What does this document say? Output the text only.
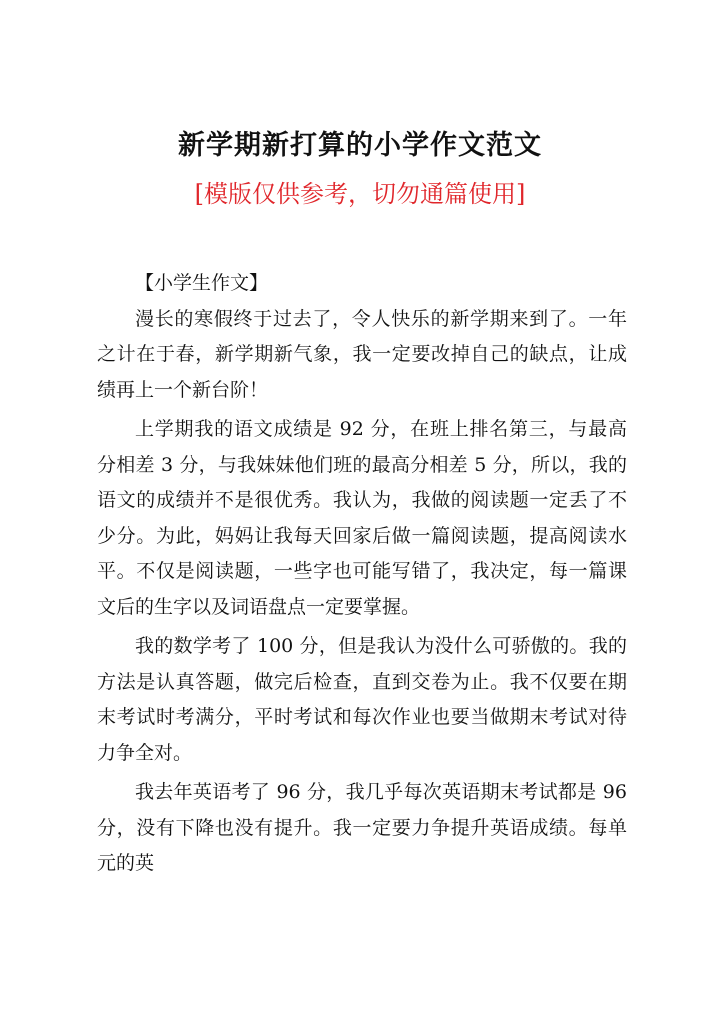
新学期新打算的小学作文范文
[模版仅供参考，切勿通篇使用]
【小学生作文】

漫长的寒假终于过去了，令人快乐的新学期来到了。一年之计在于春，新学期新气象，我一定要改掉自己的缺点，让成绩再上一个新台阶！

上学期我的语文成绩是 92 分，在班上排名第三，与最高分相差 3 分，与我妹妹他们班的最高分相差 5 分，所以，我的语文的成绩并不是很优秀。我认为，我做的阅读题一定丢了不少分。为此，妈妈让我每天回家后做一篇阅读题，提高阅读水平。不仅是阅读题，一些字也可能写错了，我决定，每一篇课文后的生字以及词语盘点一定要掌握。

我的数学考了 100 分，但是我认为没什么可骄傲的。我的方法是认真答题，做完后检查，直到交卷为止。我不仅要在期末考试时考满分，平时考试和每次作业也要当做期末考试对待力争全对。

我去年英语考了 96 分，我几乎每次英语期末考试都是 96 分，没有下降也没有提升。我一定要力争提升英语成绩。每单元的英
